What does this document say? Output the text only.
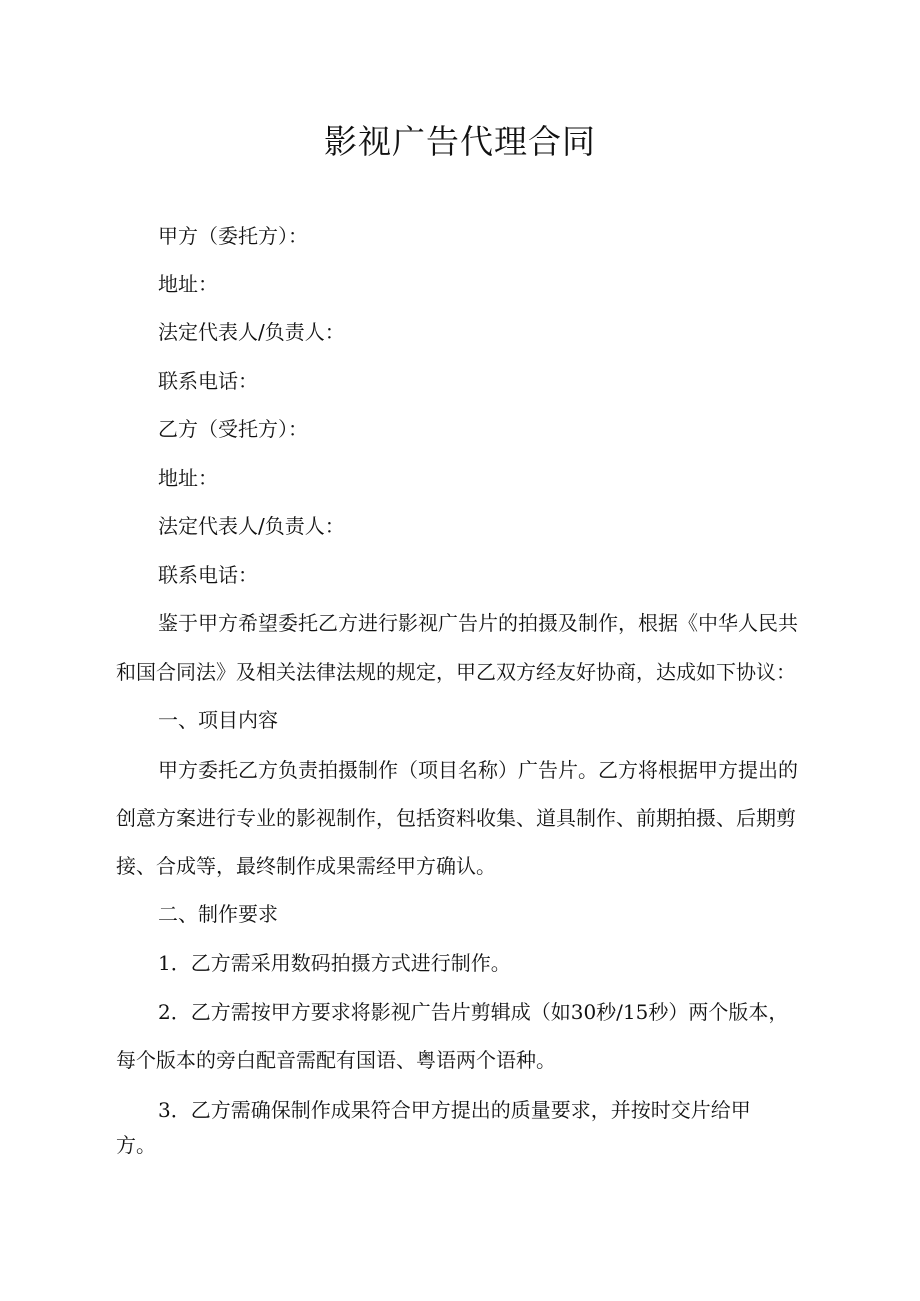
影视广告代理合同
甲方（委托方）：
地址：
法定代表人/负责人：
联系电话：
乙方（受托方）：
地址：
法定代表人/负责人：
联系电话：
鉴于甲方希望委托乙方进行影视广告片的拍摄及制作，根据《中华人民共
和国合同法》及相关法律法规的规定，甲乙双方经友好协商，达成如下协议：
一、项目内容
甲方委托乙方负责拍摄制作（项目名称）广告片。乙方将根据甲方提出的
创意方案进行专业的影视制作，包括资料收集、道具制作、前期拍摄、后期剪
接、合成等，最终制作成果需经甲方确认。
二、制作要求
1．乙方需采用数码拍摄方式进行制作。
2．乙方需按甲方要求将影视广告片剪辑成（如30秒/15秒）两个版本，
每个版本的旁白配音需配有国语、粤语两个语种。
3．乙方需确保制作成果符合甲方提出的质量要求，并按时交片给甲
方。
